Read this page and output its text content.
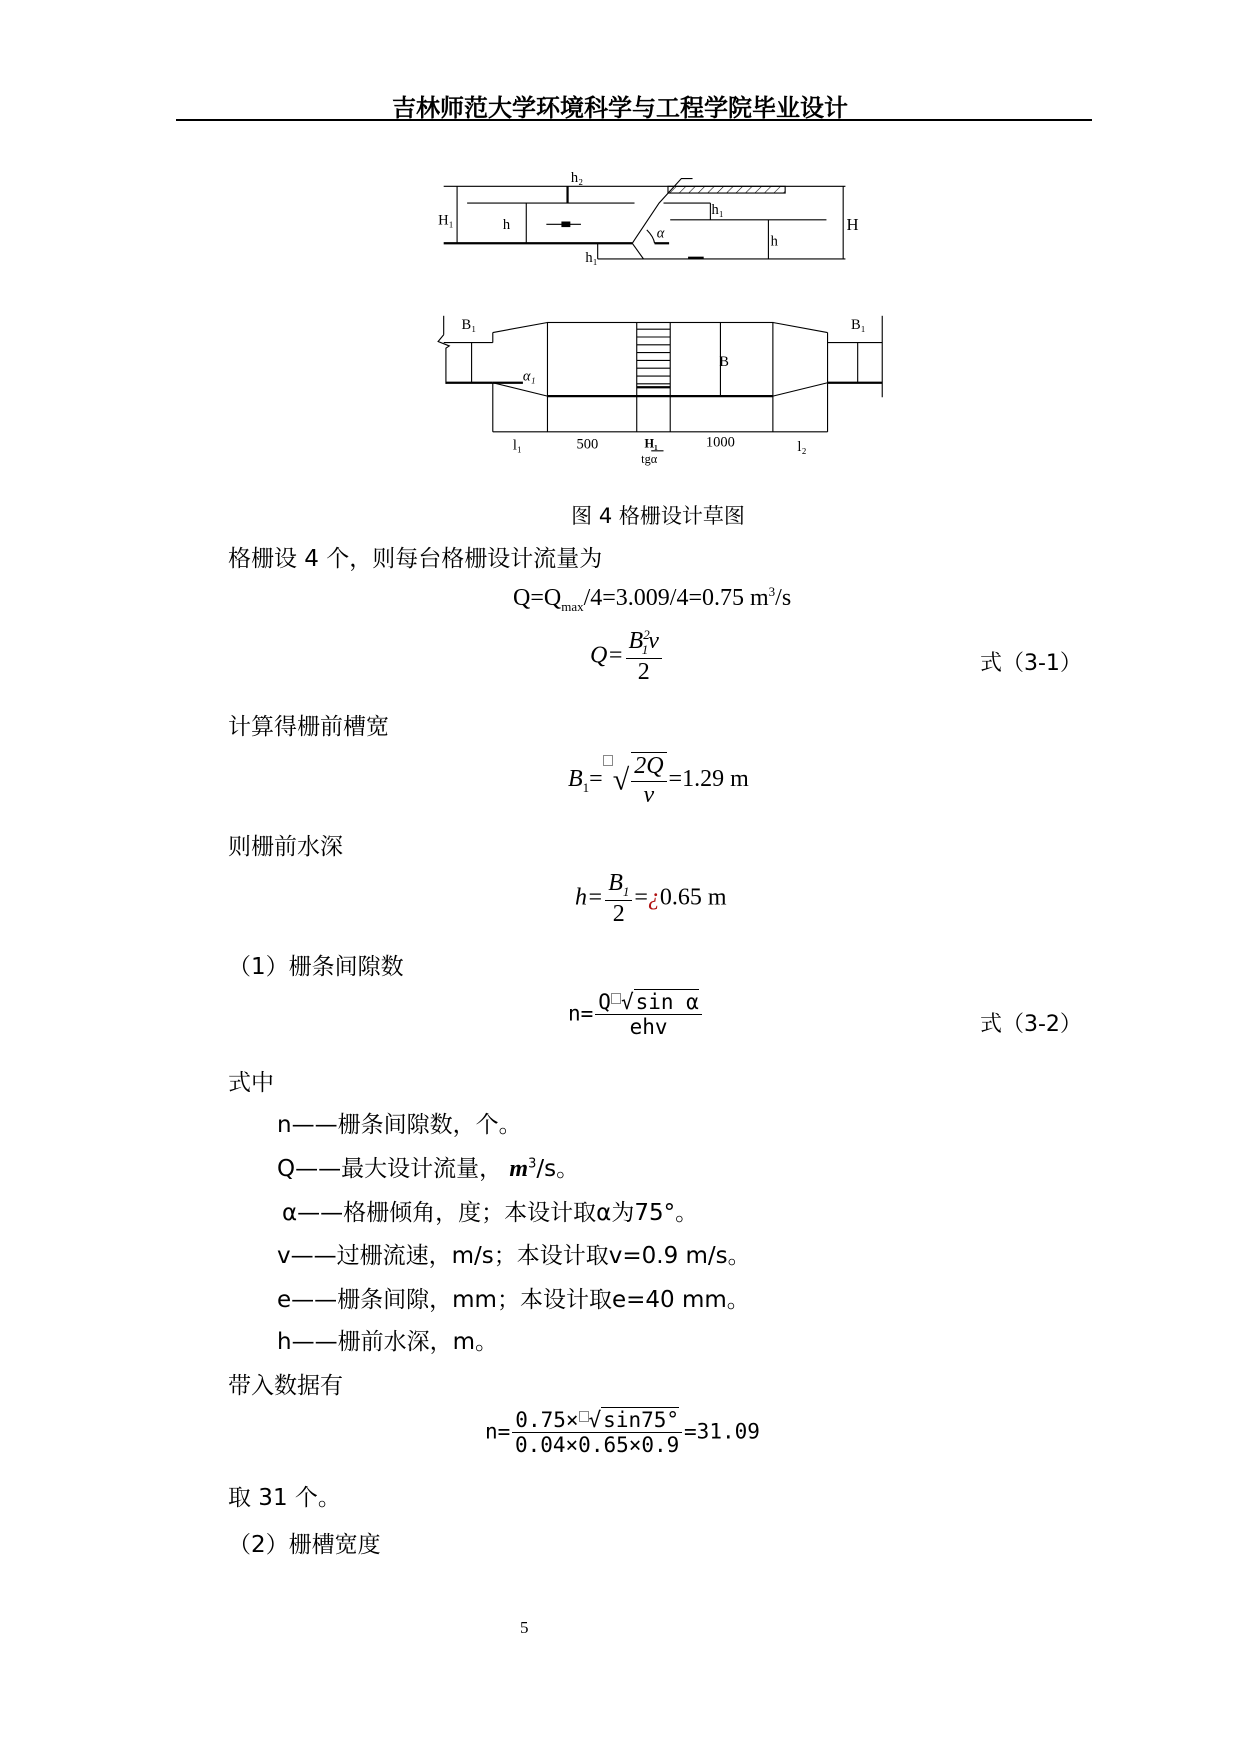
吉林师范大学环境科学与工程学院毕业设计
h₂
H₁	h
h₁
α	h
H
h₁
B₁	B₁
B
α₁
l₁	500	H₁
tgα
1000	l₂
图 4 格栅设计草图
格栅设 4 个，则每台格栅设计流量为
$Q=Q_{max}/4=3.009/4=0.75$ $m^3/s$
$Q= \frac{B^2_1v}{2}$	式（3-1）
计算得栅前槽宽
$B_1=$ √ $\frac{2Q}{v} =1.29$ m
则栅前水深
$h= \frac{B_1}{2}$ =¿0.65 m
（1）栅条间隙数
$n= \frac{\text{Q √sin α}}{\text{ehv}}$	式（3-2）
式中
n——栅条间隙数，个。
Q——最大设计流量， $m^3/s$。
α——格栅倾角，度；本设计取α为75°。
v——过栅流速，m/s；本设计取v=0.9 m/s。
e——栅条间隙，mm；本设计取e=40 mm。
h——栅前水深，m。
带入数据有
$n= \frac{0.75\times √\sin 75^\circ}{0.04\times 0.65\times 0.9} =31.09$
取 31 个。
（2）栅槽宽度
5
